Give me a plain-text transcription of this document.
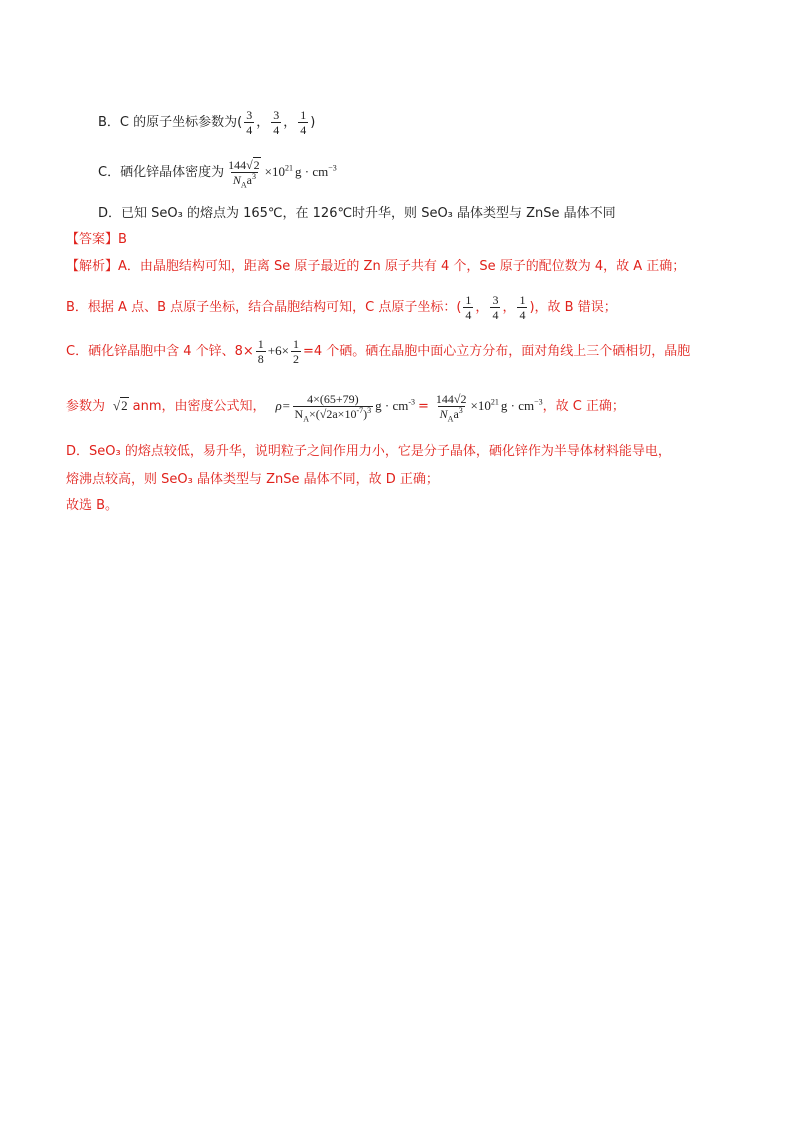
B．C 的原子坐标参数为( $\frac{3}{4}$ ， $\frac{3}{4}$ ， $\frac{1}{4}$ )
C．硒化锌晶体密度为 $\frac{144√2}{N_Aa^3} \times 10^{21}$ $g \cdot cm^{-3}$
D．已知 SeO₃ 的熔点为 165℃，在 126℃时升华，则 SeO₃ 晶体类型与 ZnSe 晶体不同
【答案】B
【解析】A．由晶胞结构可知，距离 Se 原子最近的 Zn 原子共有 4 个，Se 原子的配位数为 4，故 A 正确；
B．根据 A 点、B 点原子坐标，结合晶胞结构可知，C 点原子坐标：( $\frac{1}{4}$ ， $\frac{3}{4}$ ， $\frac{1}{4}$ )，故 B 错误；
C．硒化锌晶胞中含 4 个锌、$8\times \frac{1}{8} +6\times \frac{1}{2} =4$ 个硒。硒在晶胞中面心立方分布，面对角线上三个硒相切，晶胞
参数为 √2 anm，由密度公式知， $\rho= \frac{4\times(65+79)}{N_A\times(√2a\times 10^{-7})^3}$ $g \cdot cm^{-3} = \frac{144√2}{N_Aa^3} \times 10^{21}$ $g \cdot cm^{-3}$，故 C 正确；
D．SeO₃ 的熔点较低，易升华，说明粒子之间作用力小，它是分子晶体，硒化锌作为半导体材料能导电，
熔沸点较高，则 SeO₃ 晶体类型与 ZnSe 晶体不同，故 D 正确；
故选 B。
